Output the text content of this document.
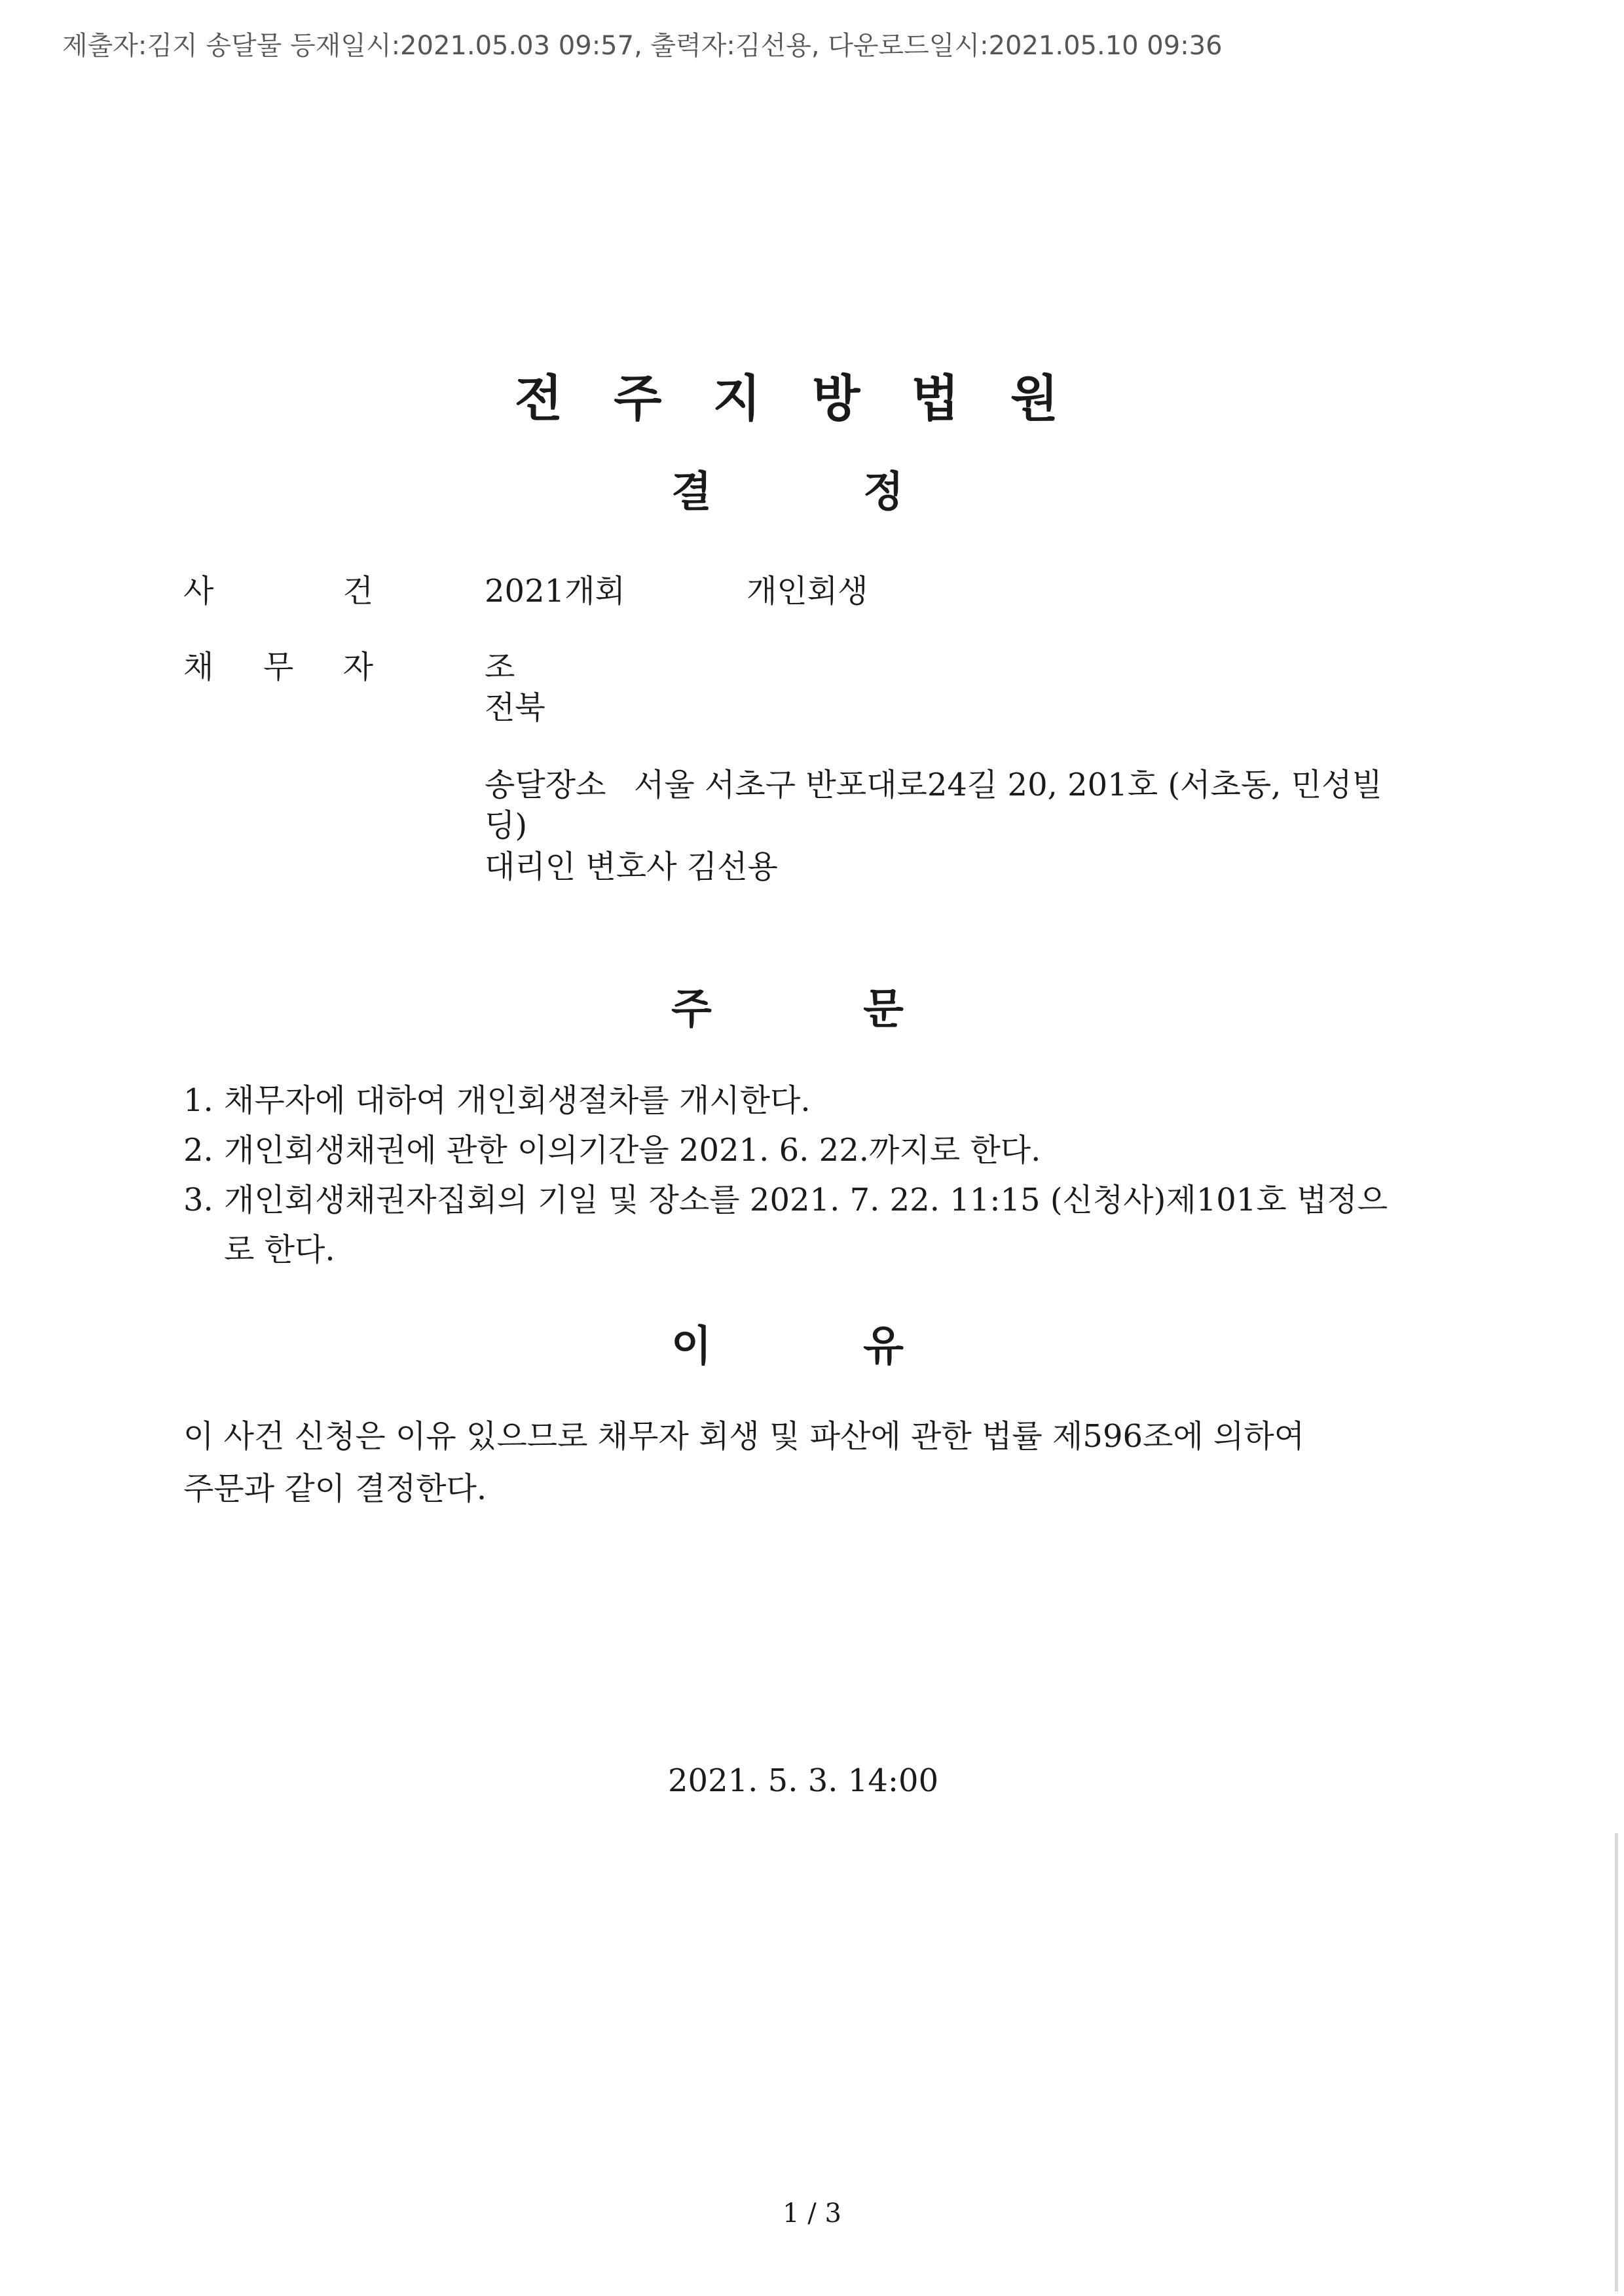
제출자:김지 송달물 등재일시:2021.05.03 09:57, 출력자:김선용, 다운로드일시:2021.05.10 09:36
전주지방법원
결	정
사	건	2021개회	개인회생
채 무 자	조
전북
송달장소 서울 서초구 반포대로24길 20, 201호 (서초동, 민성빌
딩)
대리인 변호사 김선용
주	문
1. 채무자에 대하여 개인회생절차를 개시한다.
2. 개인회생채권에 관한 이의기간을 2021. 6. 22.까지로 한다.
3. 개인회생채권자집회의 기일 및 장소를 2021. 7. 22. 11:15 (신청사)제101호 법정으
로 한다.
이	유
이 사건 신청은 이유 있으므로 채무자 회생 및 파산에 관한 법률 제596조에 의하여
주문과 같이 결정한다.
2021. 5. 3. 14:00
1 / 3
